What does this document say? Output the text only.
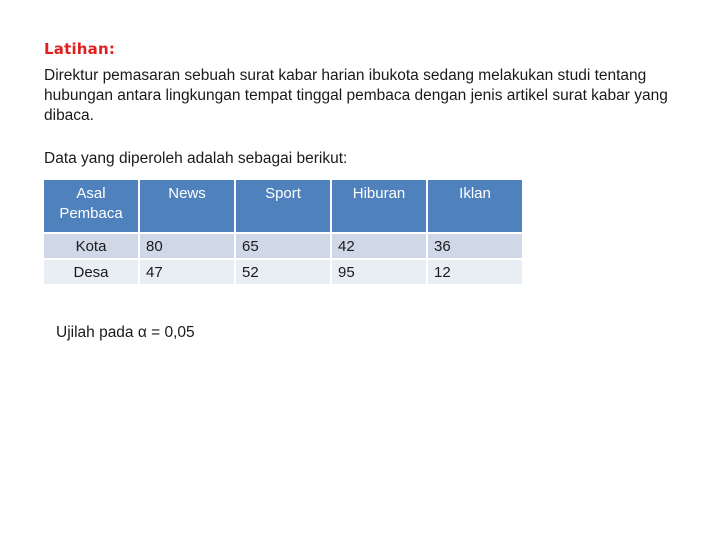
Latihan:
Direktur pemasaran sebuah surat kabar harian ibukota sedang melakukan studi tentang hubungan antara lingkungan tempat tinggal pembaca dengan jenis artikel surat kabar yang dibaca.
Data yang diperoleh adalah sebagai berikut:
Asal Pembaca	News	Sport	Hiburan	Iklan
Kota	80	65	42	36
Desa	47	52	95	12
Ujilah pada α = 0,05
